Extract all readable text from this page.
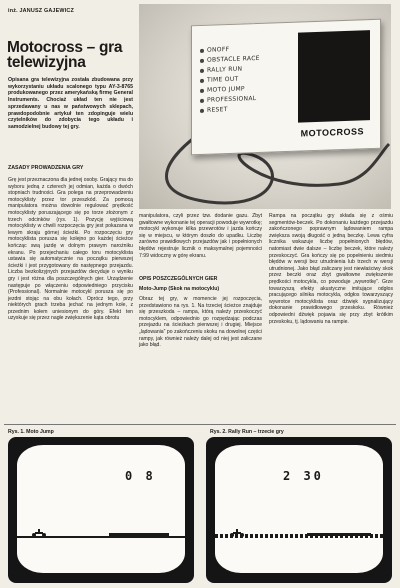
inż. JANUSZ GAJEWICZ
Motocross – gra telewizyjna

Opisana gra telewizyjna została zbudowana przy wykorzystaniu układu scalonego typu AY-3-8765 produkowanego przez amerykańską firmę General Instruments. Chociaż układ ten nie jest sprzedawany u nas w państwowych sklepach, prawdopodobnie artykuł ten zdopinguje wielu czytelników do zdobycia tego układu i samodzielnej budowy tej gry.

ZASADY PROWADZENIA GRY

Grę jest przeznaczona dla jednej osoby. Grający ma do wyboru jedną z czterech jej odmian, każda o dwóch stopniach trudności. Gra polega na przeprowadzeniu motocyklisty przez tor przeszkód. Za pomocą manipulatora można dowolnie regulować prędkość motocyklisty poruszającego się po torze złożonym z trzech odcinków (rys. 1). Pozycję wyjściową motocyklisty w chwili rozpoczęcia gry jest pokazana w lewym skraju górnej ścieżki. Po rozpoczęciu gry motocyklista porusza się kolejno po każdej ścieżce kończąc swą jazdę w dolnym prawym narożniku ekranu. Po przejechaniu całego toru motocyklista ustawia się automatycznie na początku pierwszej ścieżki i jest przygotowany do następnego przejazdu. Liczba bezkolizyjnych przejazdów decyduje o wyniku gry i jest różna dla poszczególnych gier. Urządzenie następuje po włączeniu odpowiedniego przycisku (Professional). Normalnie motocykl porusza się po jezdni stojąc na obu kołach. Oprócz tego, przy niektórych grach trzeba jechać na jednym kole, z przednim kołem uniesionym do góry. Efekt ten uzyskuje się przez nagłe zwiększenie kąta obrotu

ONOFF
OBSTACLE RACE
RALLY RUN
TIME OUT
MOTO JUMP
PROFESSIONAL
RESET
MOTOCROSS

manipulatora, czyli przez tzw. dodanie gazu. Zbyt gwałtowne wykonanie tej operacji powoduje wywrotkę; motocykl wykonuje kilka przewrotów i jazda kończy się w miejscu, w którym doszło do upadku. Liczbę zarówno prawidłowych przejazdów jak i popełnionych błędów rejestruje licznik o maksymalnej pojemności 7:99 widoczny w górę ekranu.

OPIS POSZCZEGÓLNYCH GIER
Moto-Jump (Skok na motocyklu)

Obraz tej gry, w momencie jej rozpoczęcia, przedstawiono na rys. 1. Na trzeciej ścieżce znajduje się przeszkoda – rampa, którą należy przeskoczyć motocyklem, odpowiednio go rozpędzając podczas przejazdu na ścieżkach pierwszej i drugiej. Miejsce „lądowania” po zakończeniu skoku na dowolnej części rampy, jak również należy dalej od niej jest zaliczane jako błąd.

Rampa na początku gry składa się z ośmiu segmentów-beczek. Po dokonaniu każdego przejazdu zakończonego poprawnym lądowaniem rampa zwiększa swoją długość o jedną beczkę. Lewa cyfra licznika wskazuje liczbę popełnionych błędów, natomiast dwie dalsze – liczbę beczek, które należy przeskoczyć. Gra kończy się po popełnieniu siedmiu błędów w wersji bez utrudnienia lub trzech w wersji utrudnionej. Jako błąd zaliczany jest niewłaściwy skok przez beczki oraz zbyt gwałtowne zwiększenie prędkości motocykla, co powoduje „wywrotkę”. Grze towarzyszą efekty akustyczne imitujące odgłos pracującego silnika motocykla, odgłos towarzyszący wywrotce motocyklista oraz dźwięk sygnalizujący dokonanie prawidłowego przeskoku. Również odpowiedni dźwięk pojawia się przy zbyt krótkim przeskoku, tj. lądowaniu na rampie.

Rys. 1. Moto Jump	Rys. 2. Rally Run – trzecie gry
0 8	2 30
